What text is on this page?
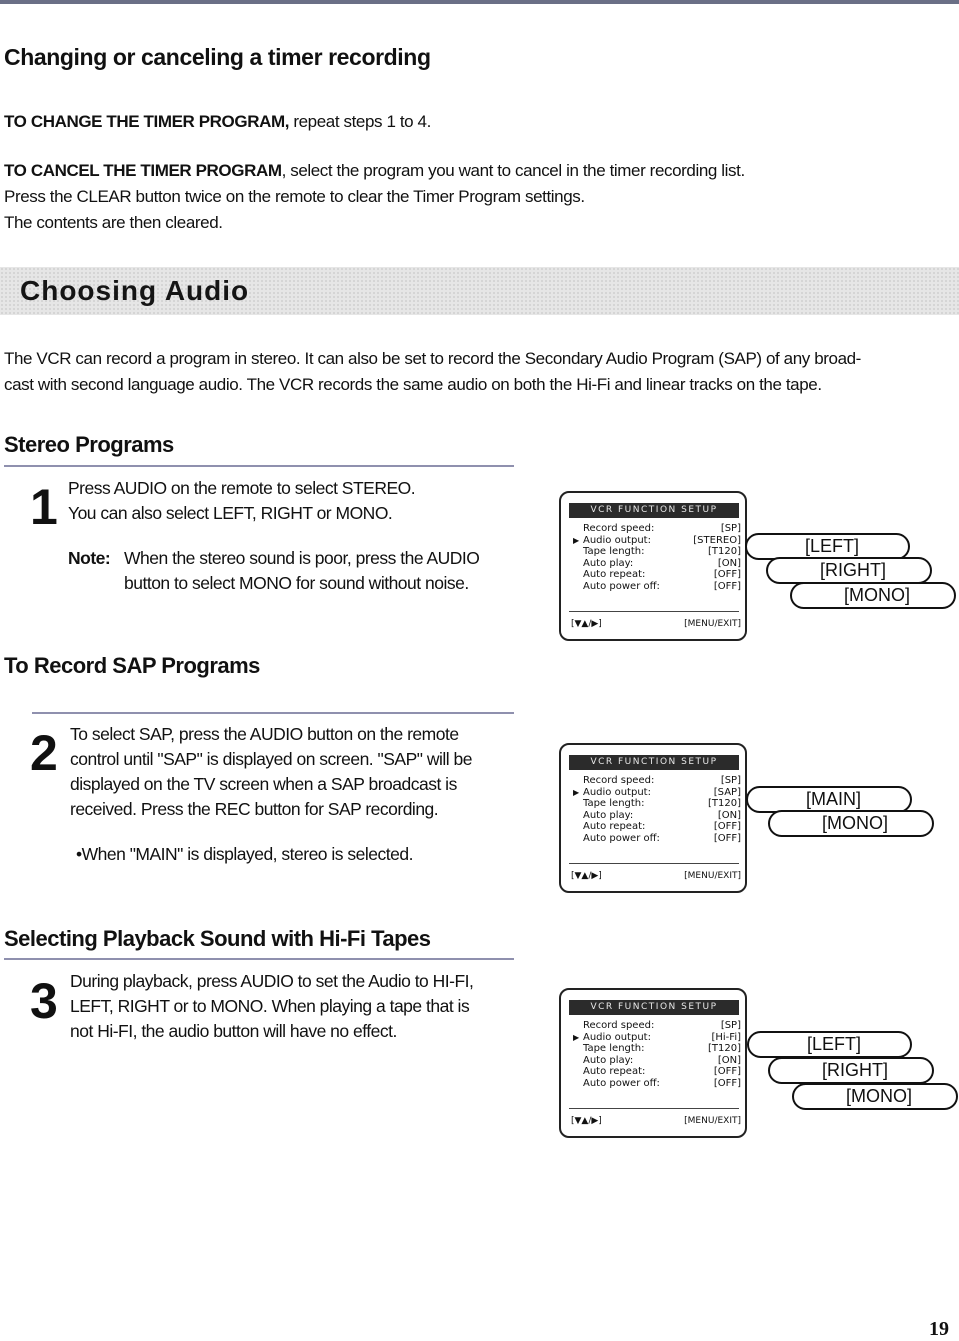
Changing or canceling a timer recording
TO CHANGE THE TIMER PROGRAM, repeat steps 1 to 4.
TO CANCEL THE TIMER PROGRAM, select the program you want to cancel in the timer recording list.
Press the CLEAR button twice on the remote to clear the Timer Program settings.
The contents are then cleared.
Choosing Audio
The VCR can record a program in stereo. It can also be set to record the Secondary Audio Program (SAP) of any broad-
cast with second language audio. The VCR records the same audio on both the Hi-Fi and linear tracks on the tape.
Stereo Programs
1 Press AUDIO on the remote to select STEREO.
You can also select LEFT, RIGHT or MONO.
Note: When the stereo sound is poor, press the AUDIO
button to select MONO for sound without noise.
VCR FUNCTION SETUP
Record speed:	[SP]
▶ Audio output:	[STEREO]
Tape length:	[T120]
Auto play:	[ON]
Auto repeat:	[OFF]
Auto power off:	[OFF]
[▼▲/▶]	[MENU/EXIT]
[LEFT]
[RIGHT]
[MONO]
To Record SAP Programs
2 To select SAP, press the AUDIO button on the remote
control until "SAP" is displayed on screen. "SAP" will be
displayed on the TV screen when a SAP broadcast is
received. Press the REC button for SAP recording.
•When "MAIN" is displayed, stereo is selected.
VCR FUNCTION SETUP
Record speed:	[SP]
▶ Audio output:	[SAP]
Tape length:	[T120]
Auto play:	[ON]
Auto repeat:	[OFF]
Auto power off:	[OFF]
[▼▲/▶]	[MENU/EXIT]
[MAIN]
[MONO]
Selecting Playback Sound with Hi-Fi Tapes
3 During playback, press AUDIO to set the Audio to HI-FI,
LEFT, RIGHT or to MONO. When playing a tape that is
not Hi-FI, the audio button will have no effect.
VCR FUNCTION SETUP
Record speed:	[SP]
▶ Audio output:	[Hi-Fi]
Tape length:	[T120]
Auto play:	[ON]
Auto repeat:	[OFF]
Auto power off:	[OFF]
[▼▲/▶]	[MENU/EXIT]
[LEFT]
[RIGHT]
[MONO]
19
